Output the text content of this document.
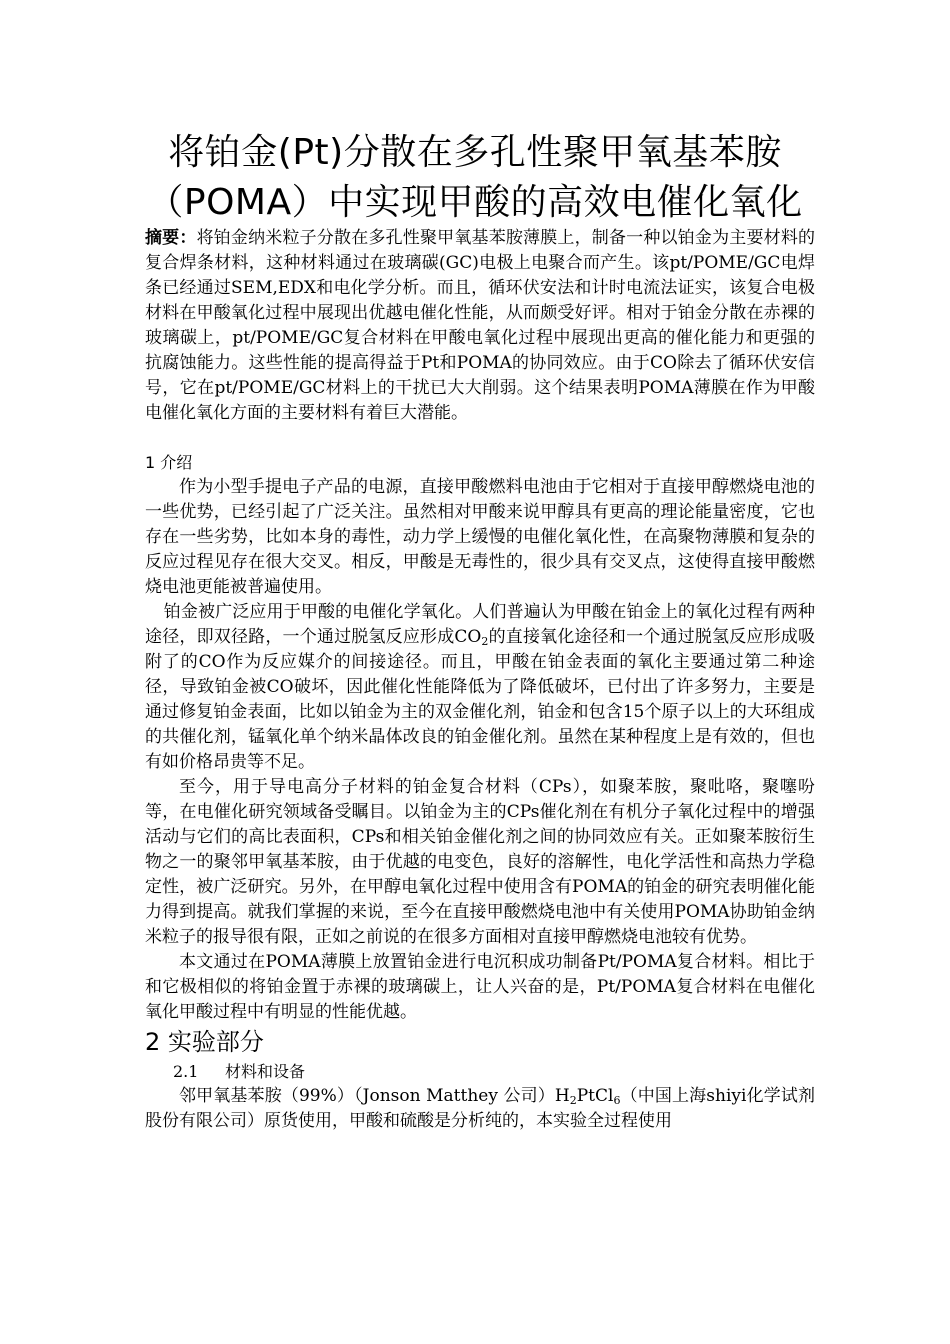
将铂金(Pt)分散在多孔性聚甲氧基苯胺
（POMA）中实现甲酸的高效电催化氧化

摘要：将铂金纳米粒子分散在多孔性聚甲氧基苯胺薄膜上，制备一种以铂金为主要材料的复合焊条材料，这种材料通过在玻璃碳(GC)电极上电聚合而产生。该pt/POME/GC电焊条已经通过SEM,EDX和电化学分析。而且，循环伏安法和计时电流法证实，该复合电极材料在甲酸氧化过程中展现出优越电催化性能，从而颇受好评。相对于铂金分散在赤裸的玻璃碳上，pt/POME/GC复合材料在甲酸电氧化过程中展现出更高的催化能力和更强的抗腐蚀能力。这些性能的提高得益于Pt和POMA的协同效应。由于CO除去了循环伏安信号，它在pt/POME/GC材料上的干扰已大大削弱。这个结果表明POMA薄膜在作为甲酸电催化氧化方面的主要材料有着巨大潜能。

1 介绍

作为小型手提电子产品的电源，直接甲酸燃料电池由于它相对于直接甲醇燃烧电池的一些优势，已经引起了广泛关注。虽然相对甲酸来说甲醇具有更高的理论能量密度，它也存在一些劣势，比如本身的毒性，动力学上缓慢的电催化氧化性，在高聚物薄膜和复杂的反应过程见存在很大交叉。相反，甲酸是无毒性的，很少具有交叉点，这使得直接甲酸燃烧电池更能被普遍使用。

铂金被广泛应用于甲酸的电催化学氧化。人们普遍认为甲酸在铂金上的氧化过程有两种途径，即双径路，一个通过脱氢反应形成$CO_2$的直接氧化途径和一个通过脱氢反应形成吸附了的CO作为反应媒介的间接途径。而且，甲酸在铂金表面的氧化主要通过第二种途径，导致铂金被CO破坏，因此催化性能降低为了降低破坏，已付出了许多努力，主要是通过修复铂金表面，比如以铂金为主的双金催化剂，铂金和包含15个原子以上的大环组成的共催化剂，锰氧化单个纳米晶体改良的铂金催化剂。虽然在某种程度上是有效的，但也有如价格昂贵等不足。

至今，用于导电高分子材料的铂金复合材料（CPs），如聚苯胺，聚吡咯，聚噻吩等，在电催化研究领域备受瞩目。以铂金为主的CPs催化剂在有机分子氧化过程中的增强活动与它们的高比表面积，CPs和相关铂金催化剂之间的协同效应有关。正如聚苯胺衍生物之一的聚邻甲氧基苯胺，由于优越的电变色，良好的溶解性，电化学活性和高热力学稳定性，被广泛研究。另外，在甲醇电氧化过程中使用含有POMA的铂金的研究表明催化能力得到提高。就我们掌握的来说，至今在直接甲酸燃烧电池中有关使用POMA协助铂金纳米粒子的报导很有限，正如之前说的在很多方面相对直接甲醇燃烧电池较有优势。

本文通过在POMA薄膜上放置铂金进行电沉积成功制备Pt/POMA复合材料。相比于和它极相似的将铂金置于赤裸的玻璃碳上，让人兴奋的是，Pt/POMA复合材料在电催化氧化甲酸过程中有明显的性能优越。

2 实验部分

2.1 材料和设备

邻甲氧基苯胺（99%）（Jonson Matthey 公司）$H_2PtCl_6$（中国上海shiyi化学试剂股份有限公司）原货使用，甲酸和硫酸是分析纯的，本实验全过程使用
